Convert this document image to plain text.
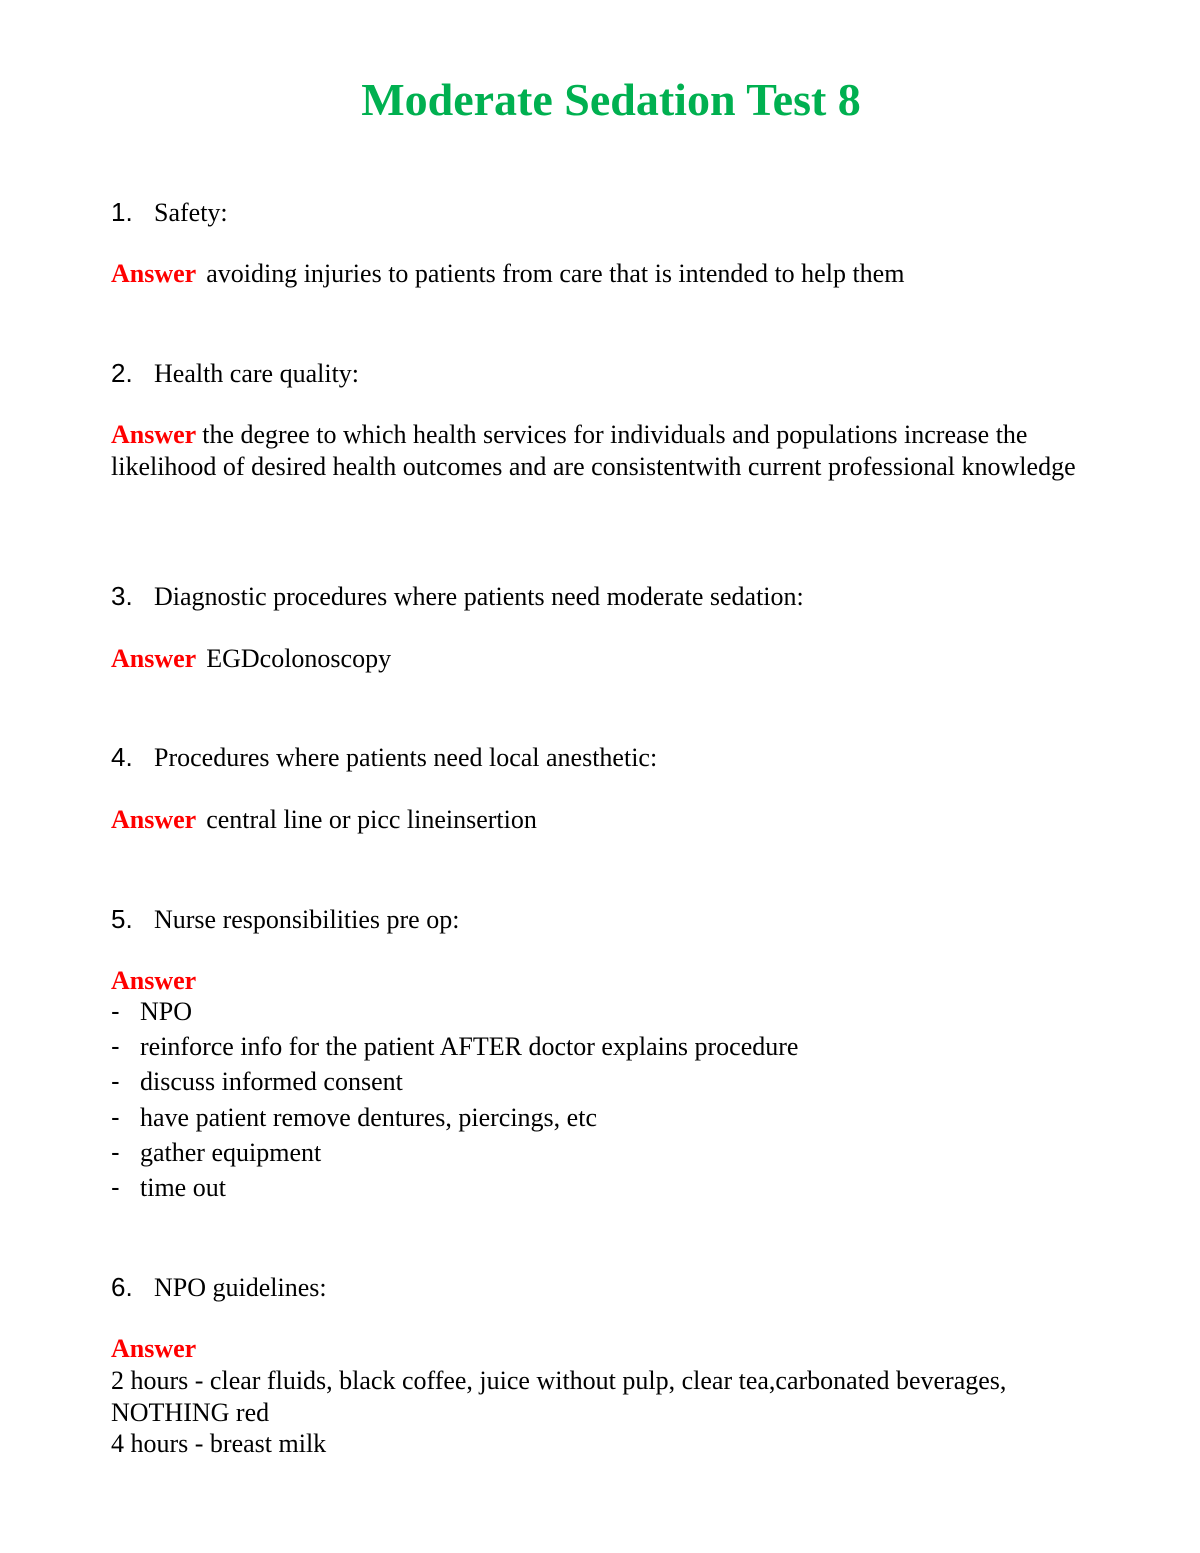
Moderate Sedation Test 8

1. Safety:

Answer avoiding injuries to patients from care that is intended to help them

2. Health care quality:

Answer the degree to which health services for individuals and populations increase the likelihood of desired health outcomes and are consistentwith current professional knowledge

3. Diagnostic procedures where patients need moderate sedation:

Answer EGDcolonoscopy

4. Procedures where patients need local anesthetic:

Answer central line or picc lineinsertion

5. Nurse responsibilities pre op:

Answer

- NPO
- reinforce info for the patient AFTER doctor explains procedure
- discuss informed consent
- have patient remove dentures, piercings, etc
- gather equipment
- time out

6. NPO guidelines:

Answer

2 hours - clear fluids, black coffee, juice without pulp, clear tea,carbonated beverages, NOTHING red
4 hours - breast milk
